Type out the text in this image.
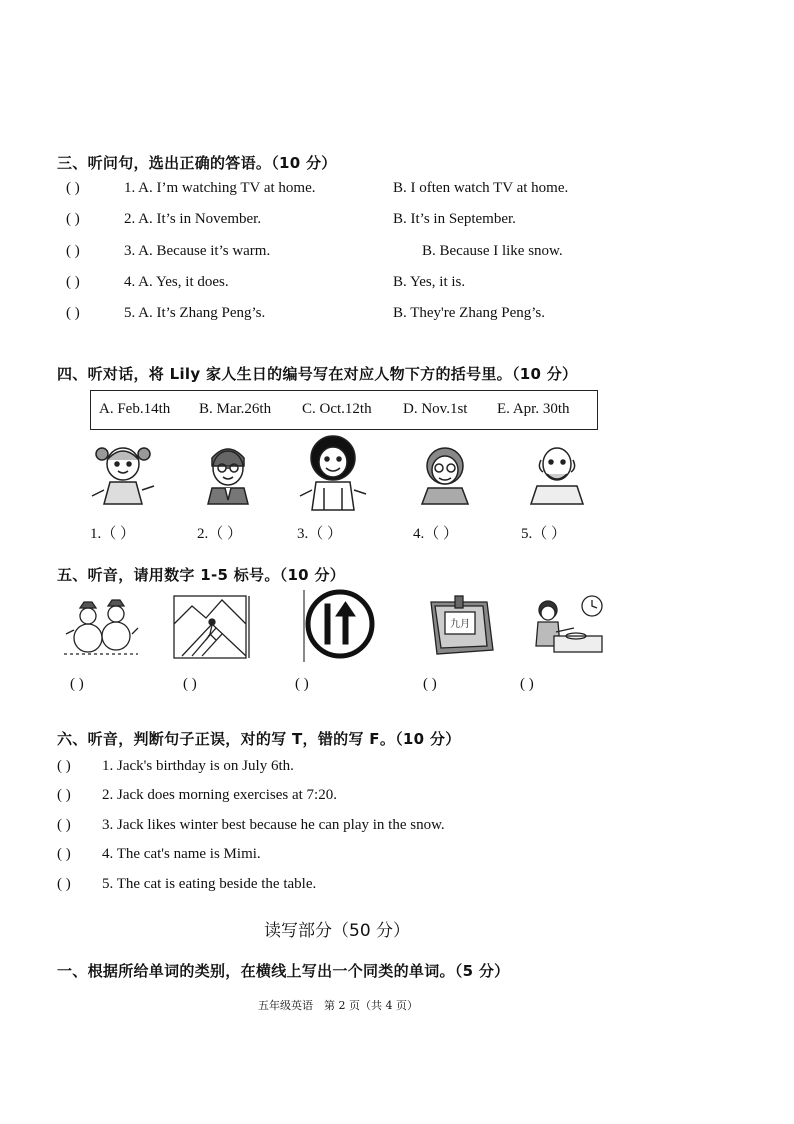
三、听问句，选出正确的答语。（10 分）
( )	1. A. I’m watching TV at home.	B. I often watch TV at home.
( )	2. A. It’s in November.	B. It’s in September.
( )	3. A. Because it’s warm.	B. Because I like snow.
( )	4. A. Yes, it does.	B. Yes, it is.
( )	5. A. It’s Zhang Peng’s.	B. They're Zhang Peng’s.
四、听对话，将 Lily 家人生日的编号写在对应人物下方的括号里。（10 分）
A. Feb.14th B. Mar.26th C. Oct.12th D. Nov.1st E. Apr. 30th
1.（ ）	2.（ ）	3.（ ）	4.（ ）	5.（ ）
五、听音，请用数字 1-5 标号。（10 分）
九月
( )	( )	( )	( )	( )
六、听音，判断句子正误，对的写 T，错的写 F。（10 分）
( ) 1. Jack's birthday is on July 6th.
( ) 2. Jack does morning exercises at 7:20.
( ) 3. Jack likes winter best because he can play in the snow.
( ) 4. The cat's name is Mimi.
( ) 5. The cat is eating beside the table.
读写部分（50 分）
一、根据所给单词的类别，在横线上写出一个同类的单词。（5 分）
五年级英语　第 2 页（共 4 页）
